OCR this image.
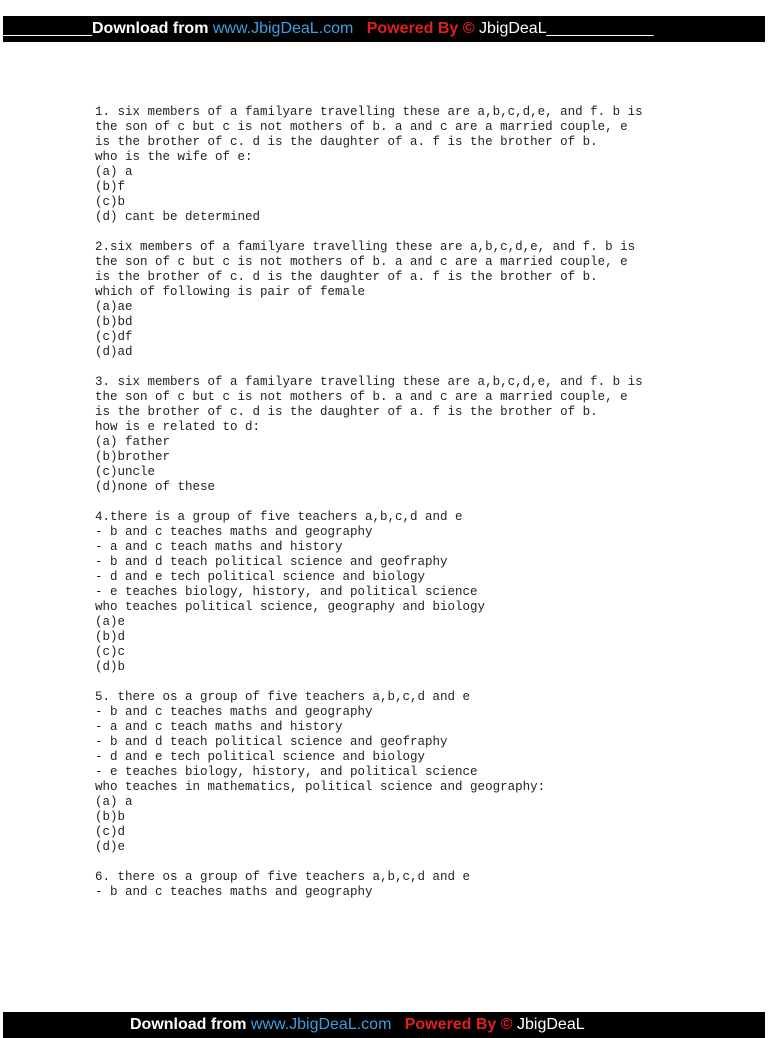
__________Download from www.JbigDeaL.com Powered By © JbigDeaL____________
1. six members of a familyare travelling these are a,b,c,d,e, and f. b is
the son of c but c is not mothers of b. a and c are a married couple, e
is the brother of c. d is the daughter of a. f is the brother of b.
who is the wife of e:
(a) a
(b)f
(c)b
(d) cant be determined
2.six members of a familyare travelling these are a,b,c,d,e, and f. b is
the son of c but c is not mothers of b. a and c are a married couple, e
is the brother of c. d is the daughter of a. f is the brother of b.
which of following is pair of female
(a)ae
(b)bd
(c)df
(d)ad
3. six members of a familyare travelling these are a,b,c,d,e, and f. b is
the son of c but c is not mothers of b. a and c are a married couple, e
is the brother of c. d is the daughter of a. f is the brother of b.
how is e related to d:
(a) father
(b)brother
(c)uncle
(d)none of these
4.there is a group of five teachers a,b,c,d and e
- b and c teaches maths and geography
- a and c teach maths and history
- b and d teach political science and geofraphy
- d and e tech political science and biology
- e teaches biology, history, and political science
who teaches political science, geography and biology
(a)e
(b)d
(c)c
(d)b
5. there os a group of five teachers a,b,c,d and e
- b and c teaches maths and geography
- a and c teach maths and history
- b and d teach political science and geofraphy
- d and e tech political science and biology
- e teaches biology, history, and political science
who teaches in mathematics, political science and geography:
(a) a
(b)b
(c)d
(d)e
6. there os a group of five teachers a,b,c,d and e
- b and c teaches maths and geography
Download from www.JbigDeaL.com Powered By © JbigDeaL
